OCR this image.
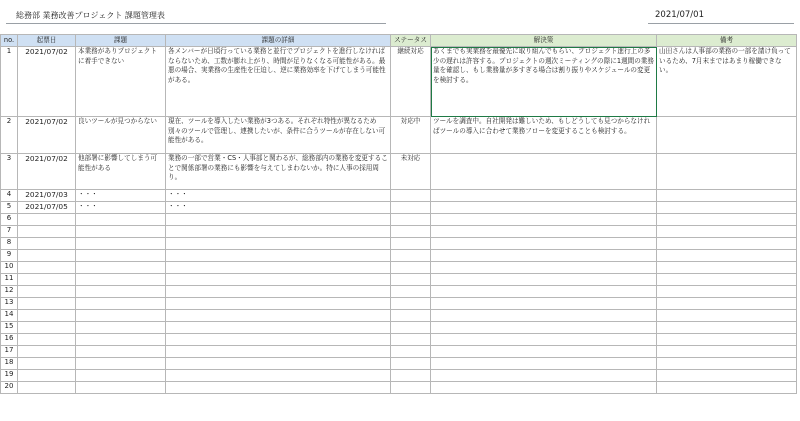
総務部 業務改善プロジェクト 課題管理表	2021/07/01
no.	起票日	課題	課題の詳細	ステータス	解決策	備考
1	2021/07/02	本業務がありプロジェクトに着手できない	各メンバーが日頃行っている業務と並行でプロジェクトを進行しなければならないため、工数が膨れ上がり、時間が足りなくなる可能性がある。最悪の場合、実業務の生産性を圧迫し、逆に業務効率を下げてしまう可能性がある。	継続対応	あくまでも実業務を最優先に取り組んでもらい、プロジェクト進行上の多少の遅れは許容する。プロジェクトの週次ミーティングの際に1週間の業務量を確認し、もし業務量が多すぎる場合は割り振りやスケジュールの変更を検討する。	山田さんは人事部の業務の一部を請け負っているため、7月末まではあまり稼働できない。
2	2021/07/02	良いツールが見つからない	現在、ツールを導入したい業務が3つある。それぞれ特性が異なるため別々のツールで管理し、連携したいが、条件に合うツールが存在しない可能性がある。	対応中	ツールを調査中。自社開発は難しいため、もしどうしても見つからなければツールの導入に合わせて業務フローを変更することも検討する。	
3	2021/07/02	他部署に影響してしまう可能性がある	業務の一部で営業・CS・人事部と関わるが、総務部内の業務を変更することで関係部署の業務にも影響を与えてしまわないか。特に人事の採用周り。	未対応		
4	2021/07/03	・・・	・・・			
5	2021/07/05	・・・	・・・			
6						
7						
8						
9						
10						
11						
12						
13						
14						
15						
16						
17						
18						
19						
20						
